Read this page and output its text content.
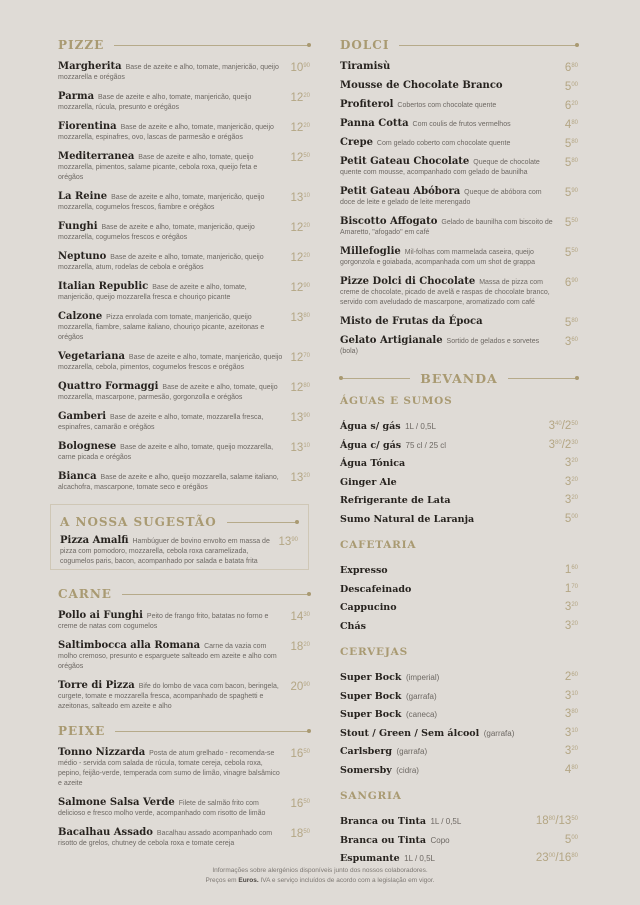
PIZZE
Margherita Base de azeite e alho, tomate, manjericão, queijo mozzarella e orégãos
$10^{90}$
Parma Base de azeite e alho, tomate, manjericão, queijo mozzarella, rúcula, presunto e orégãos
$12^{20}$
Fiorentina Base de azeite e alho, tomate, manjericão, queijo mozzarella, espinafres, ovo, lascas de parmesão e orégãos
$12^{20}$
Mediterranea Base de azeite e alho, tomate, queijo mozzarella, pimentos, salame picante, cebola roxa, queijo feta e orégãos
$12^{50}$
La Reine Base de azeite e alho, tomate, manjericão, queijo mozzarella, cogumelos frescos, fiambre e orégãos
$13^{10}$
Funghi Base de azeite e alho, tomate, manjericão, queijo mozzarella, cogumelos frescos e orégãos
$12^{20}$
Neptuno Base de azeite e alho, tomate, manjericão, queijo mozzarella, atum, rodelas de cebola e orégãos
$12^{20}$
Italian Republic Base de azeite e alho, tomate, manjericão, queijo mozzarella fresca e chouriço picante
$12^{90}$
Calzone Pizza enrolada com tomate, manjericão, queijo mozzarella, fiambre, salame italiano, chouriço picante, azeitonas e orégãos
$13^{80}$
Vegetariana Base de azeite e alho, tomate, manjericão, queijo mozzarella, cebola, pimentos, cogumelos frescos e orégãos
$12^{70}$
Quattro Formaggi Base de azeite e alho, tomate, queijo mozzarella, mascarpone, parmesão, gorgonzolla e orégãos
$12^{80}$
Gamberi Base de azeite e alho, tomate, mozzarella fresca, espinafres, camarão e orégãos
$13^{90}$
Bolognese Base de azeite e alho, tomate, queijo mozzarella, carne picada e orégãos
$13^{10}$
Bianca Base de azeite e alho, queijo mozzarella, salame italiano, alcachofra, mascarpone, tomate seco e orégãos
$13^{20}$
A NOSSA SUGESTÃO
Pizza Amalfi Hambúguer de bovino envolto em massa de pizza com pomodoro, mozzarella, cebola roxa caramelizada, cogumelos paris, bacon, acompanhado por salada e batata frita
$13^{90}$
CARNE
Pollo ai Funghi Peito de frango frito, batatas no forno e creme de natas com cogumelos
$14^{30}$
Saltimbocca alla Romana Carne da vazia com molho cremoso, presunto e esparguete salteado em azeite e alho com orégãos
$18^{20}$
Torre di Pizza Bife do lombo de vaca com bacon, beringela, curgete, tomate e mozzarella fresca, acompanhado de spaghetti e azeitonas, salteado em azeite e alho
$20^{90}$
PEIXE
Tonno Nizzarda Posta de atum grelhado - recomenda-se médio - servida com salada de rúcula, tomate cereja, cebola roxa, pepino, feijão-verde, temperada com sumo de limão, vinagre balsâmico e azeite
$16^{50}$
Salmone Salsa Verde Filete de salmão frito com delicioso e fresco molho verde, acompanhado com risotto de limão
$16^{50}$
Bacalhau Assado Bacalhau assado acompanhado com risotto de grelos, chutney de cebola roxa e tomate cereja
$18^{50}$
DOLCI
Tiramisù	$6^{80}$
Mousse de Chocolate Branco	$5^{00}$
Profiterol Cobertos com chocolate quente	$6^{20}$
Panna Cotta Com coulis de frutos vermelhos	$4^{80}$
Crepe Com gelado coberto com chocolate quente	$5^{80}$
Petit Gateau Chocolate Queque de chocolate quente com mousse, acompanhado com gelado de baunilha
$5^{80}$
Petit Gateau Abóbora Queque de abóbora com doce de leite e gelado de leite merengado
$5^{90}$
Biscotto Affogato Gelado de baunilha com biscoito de Amaretto, "afogado" em café
$5^{50}$
Millefoglie Mil-folhas com marmelada caseira, queijo gorgonzola e goiabada, acompanhada com um shot de grappa
$5^{50}$
Pizze Dolci di Chocolate Massa de pizza com creme de chocolate, picado de avelã e raspas de chocolate branco, servido com aveludado de mascarpone, aromatizado com café
$6^{90}$
Misto de Frutas da Época	$5^{80}$
Gelato Artigianale Sortido de gelados e sorvetes (bola)
$3^{60}$
BEVANDA
ÁGUAS E SUMOS
Água s/ gás 1L / 0,5L	$3^{40}/2^{50}$
Água c/ gás 75 cl / 25 cl	$3^{80}/2^{30}$
Água Tónica	$3^{20}$
Ginger Ale	$3^{20}$
Refrigerante de Lata	$3^{20}$
Sumo Natural de Laranja	$5^{00}$
CAFETARIA
Expresso	$1^{60}$
Descafeinado	$1^{70}$
Cappucino	$3^{20}$
Chás	$3^{20}$
CERVEJAS
Super Bock (imperial)	$2^{60}$
Super Bock (garrafa)	$3^{10}$
Super Bock (caneca)	$3^{80}$
Stout / Green / Sem álcool (garrafa)	$3^{10}$
Carlsberg (garrafa)	$3^{20}$
Somersby (cidra)	$4^{80}$
SANGRIA
Branca ou Tinta 1L / 0,5L	$18^{80}/13^{50}$
Branca ou Tinta Copo	$5^{00}$
Espumante 1L / 0,5L	$23^{00}/16^{80}$
Informações sobre alergénios disponíveis junto dos nossos colaboradores.
Preços em Euros. IVA e serviço incluídos de acordo com a legislação em vigor.
